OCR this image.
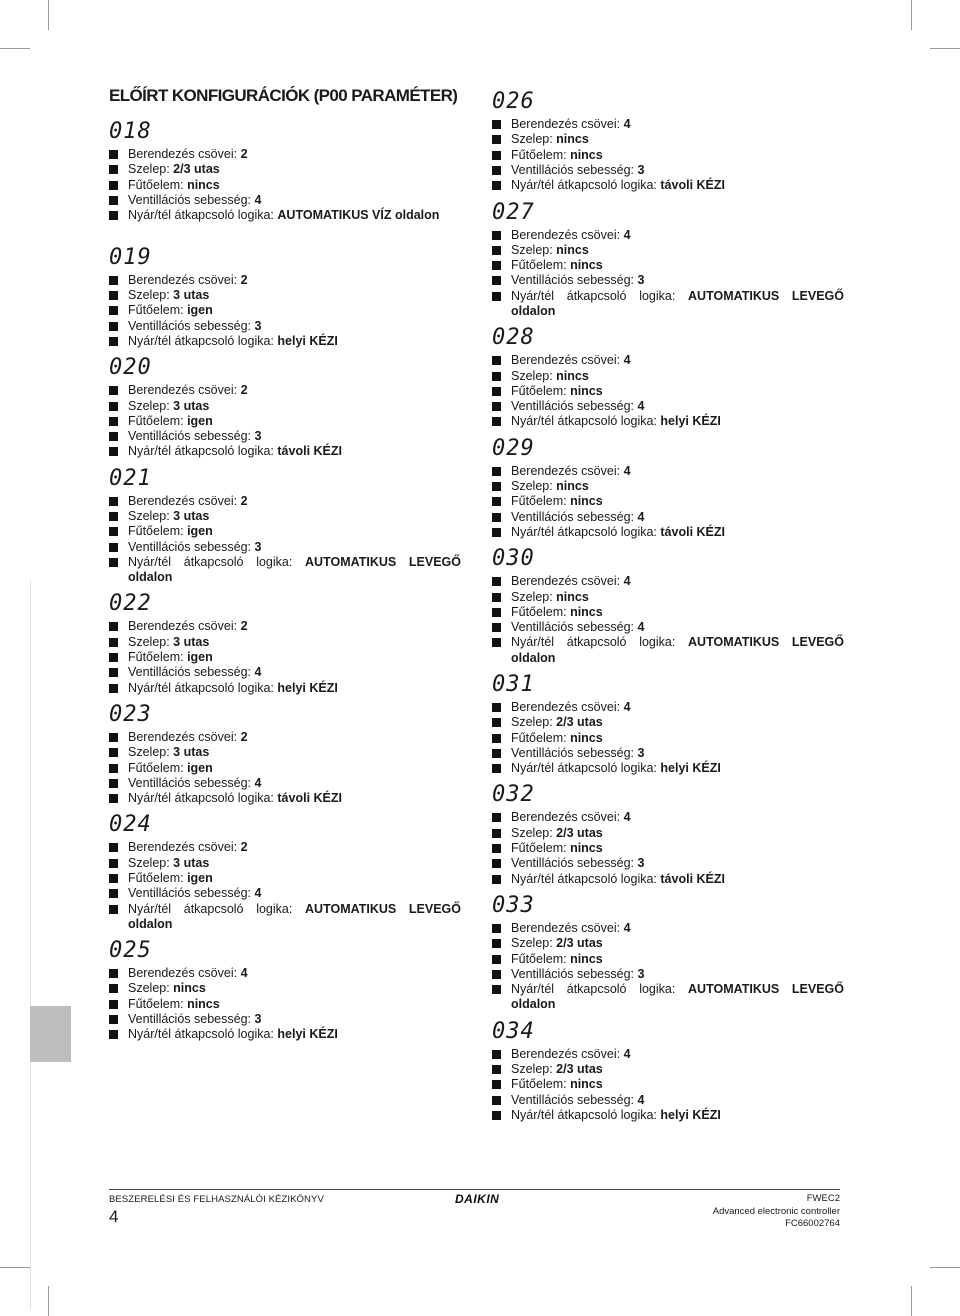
ELŐÍRT KONFIGURÁCIÓK (P00 PARAMÉTER)
018
Berendezés csövei: 2
Szelep: 2/3 utas
Fűtőelem: nincs
Ventillációs sebesség: 4
Nyár/tél átkapcsoló logika: AUTOMATIKUS VÍZ oldalon
019
Berendezés csövei: 2
Szelep: 3 utas
Fűtőelem: igen
Ventillációs sebesség: 3
Nyár/tél átkapcsoló logika: helyi KÉZI
020
Berendezés csövei: 2
Szelep: 3 utas
Fűtőelem: igen
Ventillációs sebesség: 3
Nyár/tél átkapcsoló logika: távoli KÉZI
021
Berendezés csövei: 2
Szelep: 3 utas
Fűtőelem: igen
Ventillációs sebesség: 3
Nyár/tél átkapcsoló logika: AUTOMATIKUS LEVEGŐ oldalon
022
Berendezés csövei: 2
Szelep: 3 utas
Fűtőelem: igen
Ventillációs sebesség: 4
Nyár/tél átkapcsoló logika: helyi KÉZI
023
Berendezés csövei: 2
Szelep: 3 utas
Fűtőelem: igen
Ventillációs sebesség: 4
Nyár/tél átkapcsoló logika: távoli KÉZI
024
Berendezés csövei: 2
Szelep: 3 utas
Fűtőelem: igen
Ventillációs sebesség: 4
Nyár/tél átkapcsoló logika: AUTOMATIKUS LEVEGŐ oldalon
025
Berendezés csövei: 4
Szelep: nincs
Fűtőelem: nincs
Ventillációs sebesség: 3
Nyár/tél átkapcsoló logika: helyi KÉZI
026
Berendezés csövei: 4
Szelep: nincs
Fűtőelem: nincs
Ventillációs sebesség: 3
Nyár/tél átkapcsoló logika: távoli KÉZI
027
Berendezés csövei: 4
Szelep: nincs
Fűtőelem: nincs
Ventillációs sebesség: 3
Nyár/tél átkapcsoló logika: AUTOMATIKUS LEVEGŐ oldalon
028
Berendezés csövei: 4
Szelep: nincs
Fűtőelem: nincs
Ventillációs sebesség: 4
Nyár/tél átkapcsoló logika: helyi KÉZI
029
Berendezés csövei: 4
Szelep: nincs
Fűtőelem: nincs
Ventillációs sebesség: 4
Nyár/tél átkapcsoló logika: távoli KÉZI
030
Berendezés csövei: 4
Szelep: nincs
Fűtőelem: nincs
Ventillációs sebesség: 4
Nyár/tél átkapcsoló logika: AUTOMATIKUS LEVEGŐ oldalon
031
Berendezés csövei: 4
Szelep: 2/3 utas
Fűtőelem: nincs
Ventillációs sebesség: 3
Nyár/tél átkapcsoló logika: helyi KÉZI
032
Berendezés csövei: 4
Szelep: 2/3 utas
Fűtőelem: nincs
Ventillációs sebesség: 3
Nyár/tél átkapcsoló logika: távoli KÉZI
033
Berendezés csövei: 4
Szelep: 2/3 utas
Fűtőelem: nincs
Ventillációs sebesség: 3
Nyár/tél átkapcsoló logika: AUTOMATIKUS LEVEGŐ oldalon
034
Berendezés csövei: 4
Szelep: 2/3 utas
Fűtőelem: nincs
Ventillációs sebesség: 4
Nyár/tél átkapcsoló logika: helyi KÉZI
BESZERELÉSI ÉS FELHASZNÁLÓI KÉZIKÖNYV	DAIKIN
4
FWEC2
Advanced electronic controller
FC66002764
